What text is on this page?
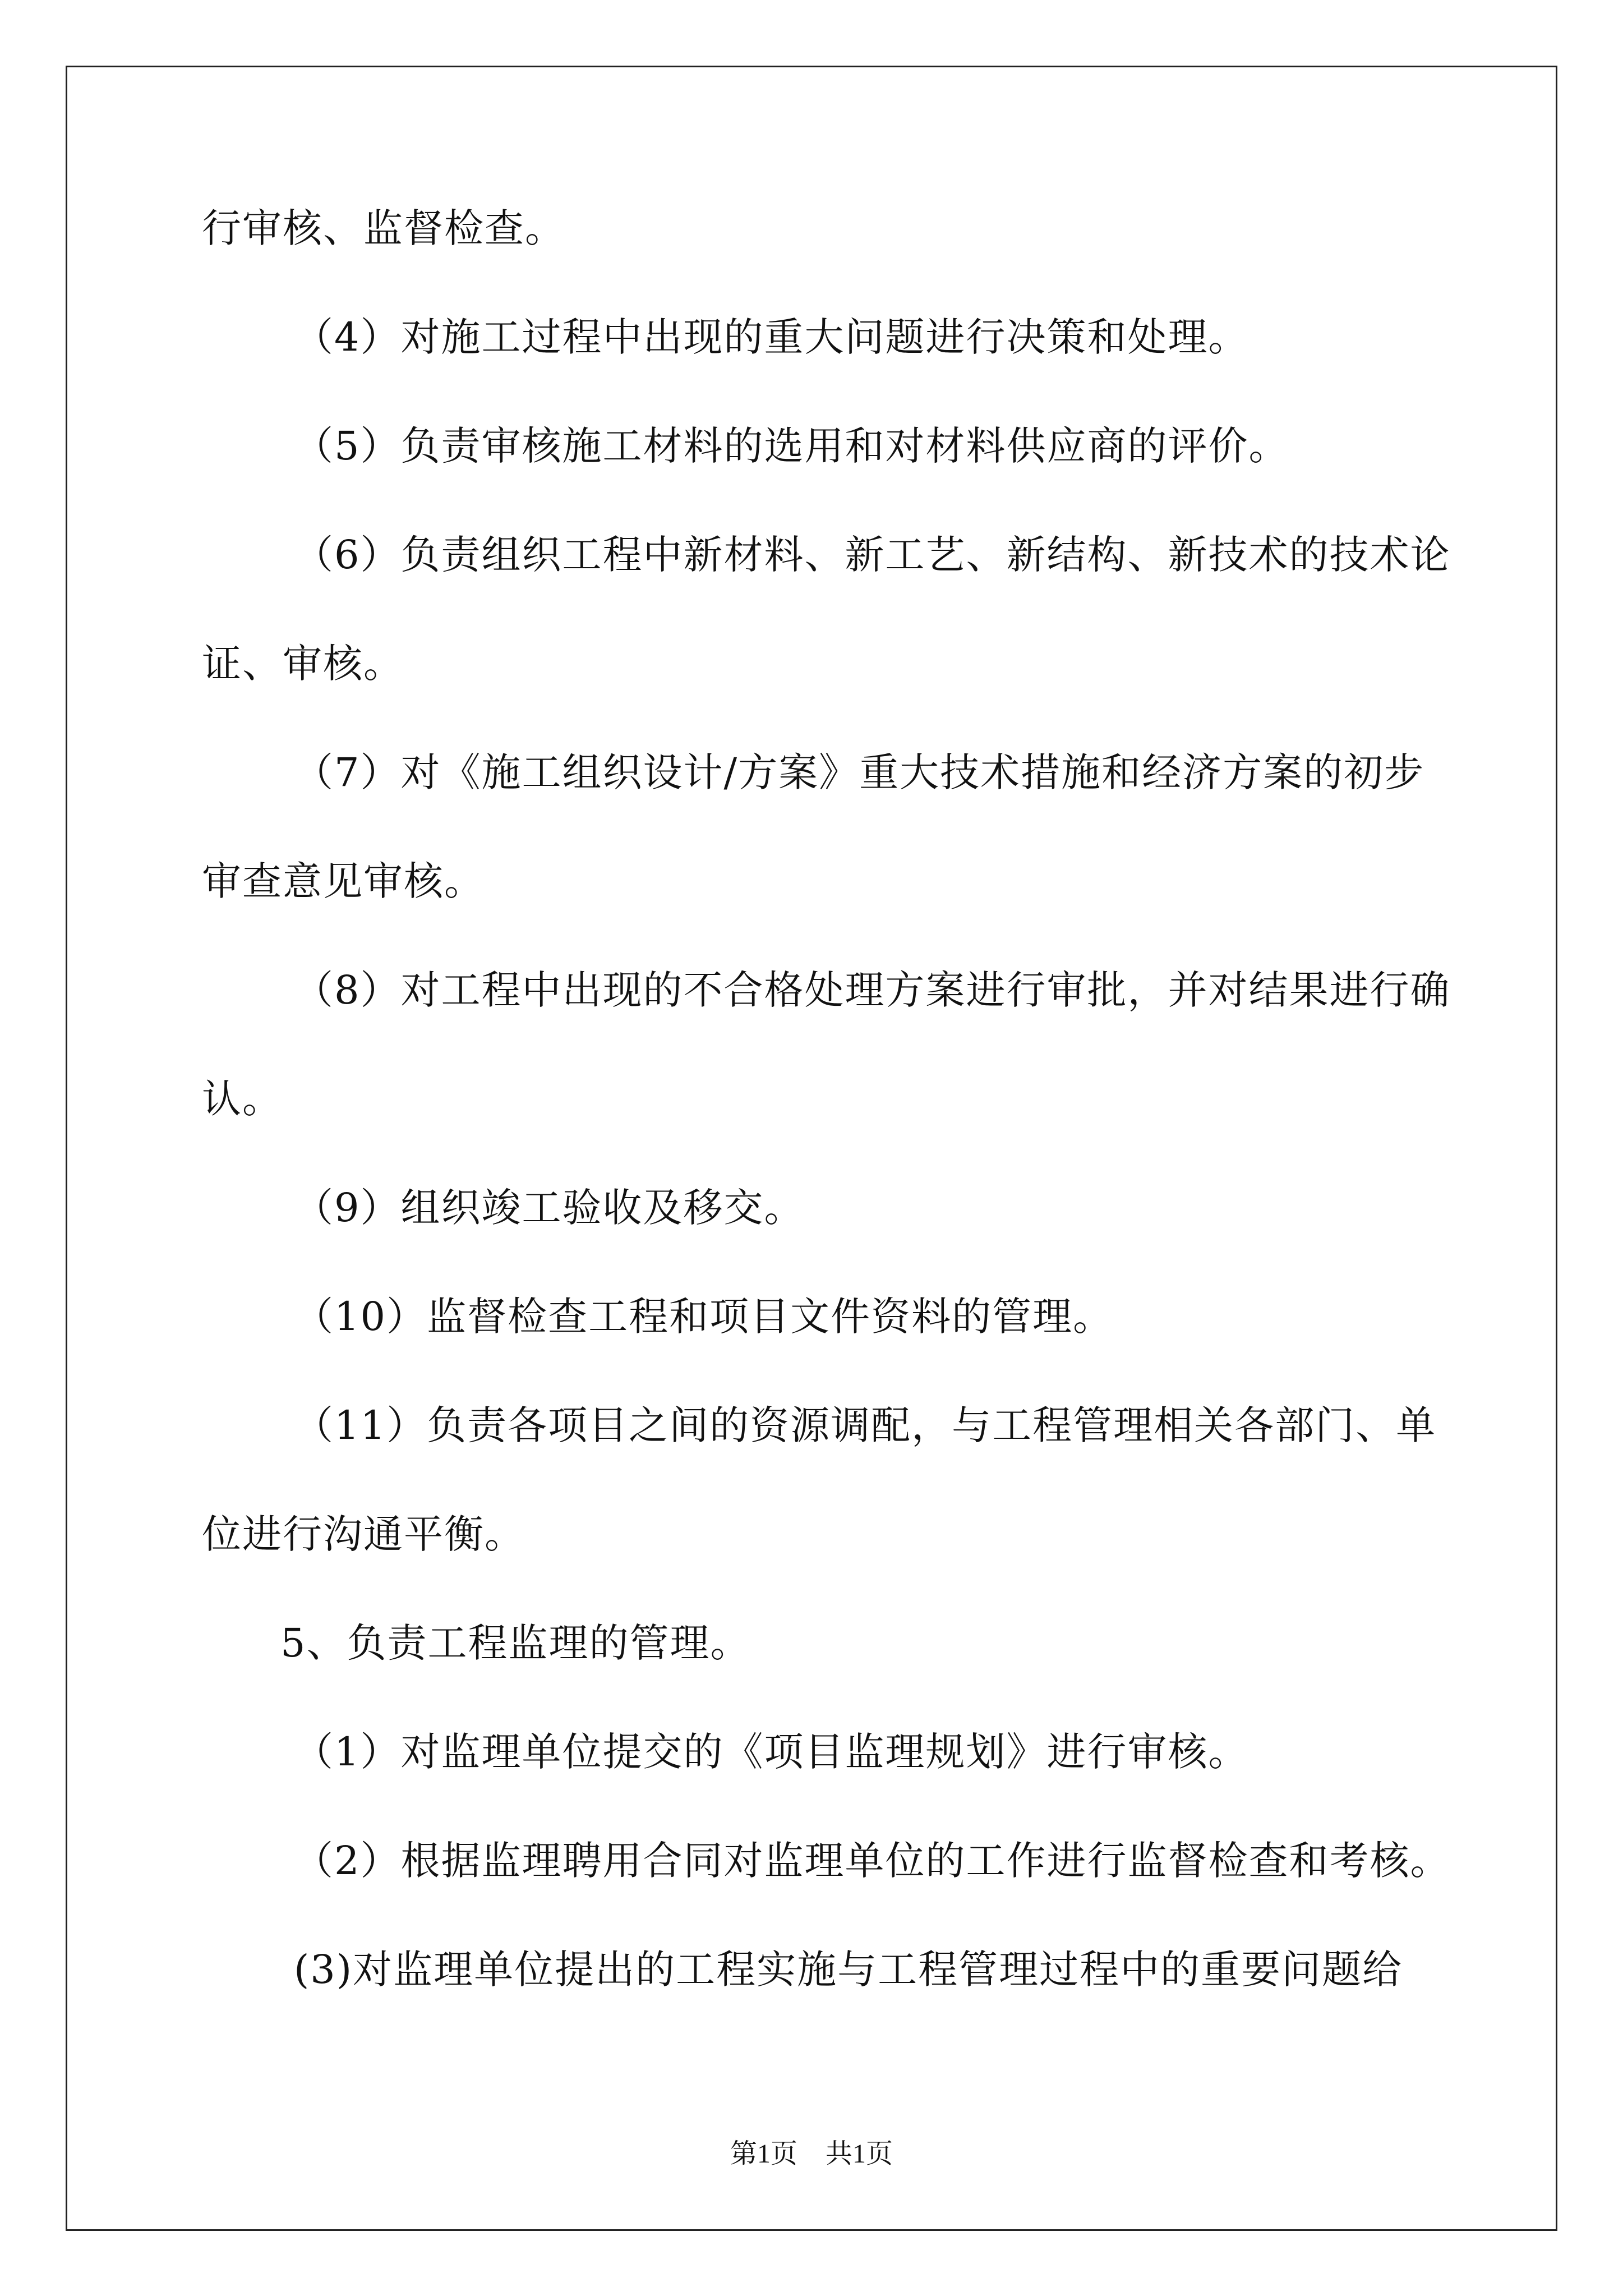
行审核、监督检查。

（4）对施工过程中出现的重大问题进行决策和处理。

（5）负责审核施工材料的选用和对材料供应商的评价。

（6）负责组织工程中新材料、新工艺、新结构、新技术的技术论

证、审核。

（7）对《施工组织设计/方案》重大技术措施和经济方案的初步

审查意见审核。

（8）对工程中出现的不合格处理方案进行审批，并对结果进行确

认。

（9）组织竣工验收及移交。

（10）监督检查工程和项目文件资料的管理。

（11）负责各项目之间的资源调配，与工程管理相关各部门、单

位进行沟通平衡。

5、负责工程监理的管理。

（1）对监理单位提交的《项目监理规划》进行审核。

（2）根据监理聘用合同对监理单位的工作进行监督检查和考核。

(3)对监理单位提出的工程实施与工程管理过程中的重要问题给

第1页 共1页
